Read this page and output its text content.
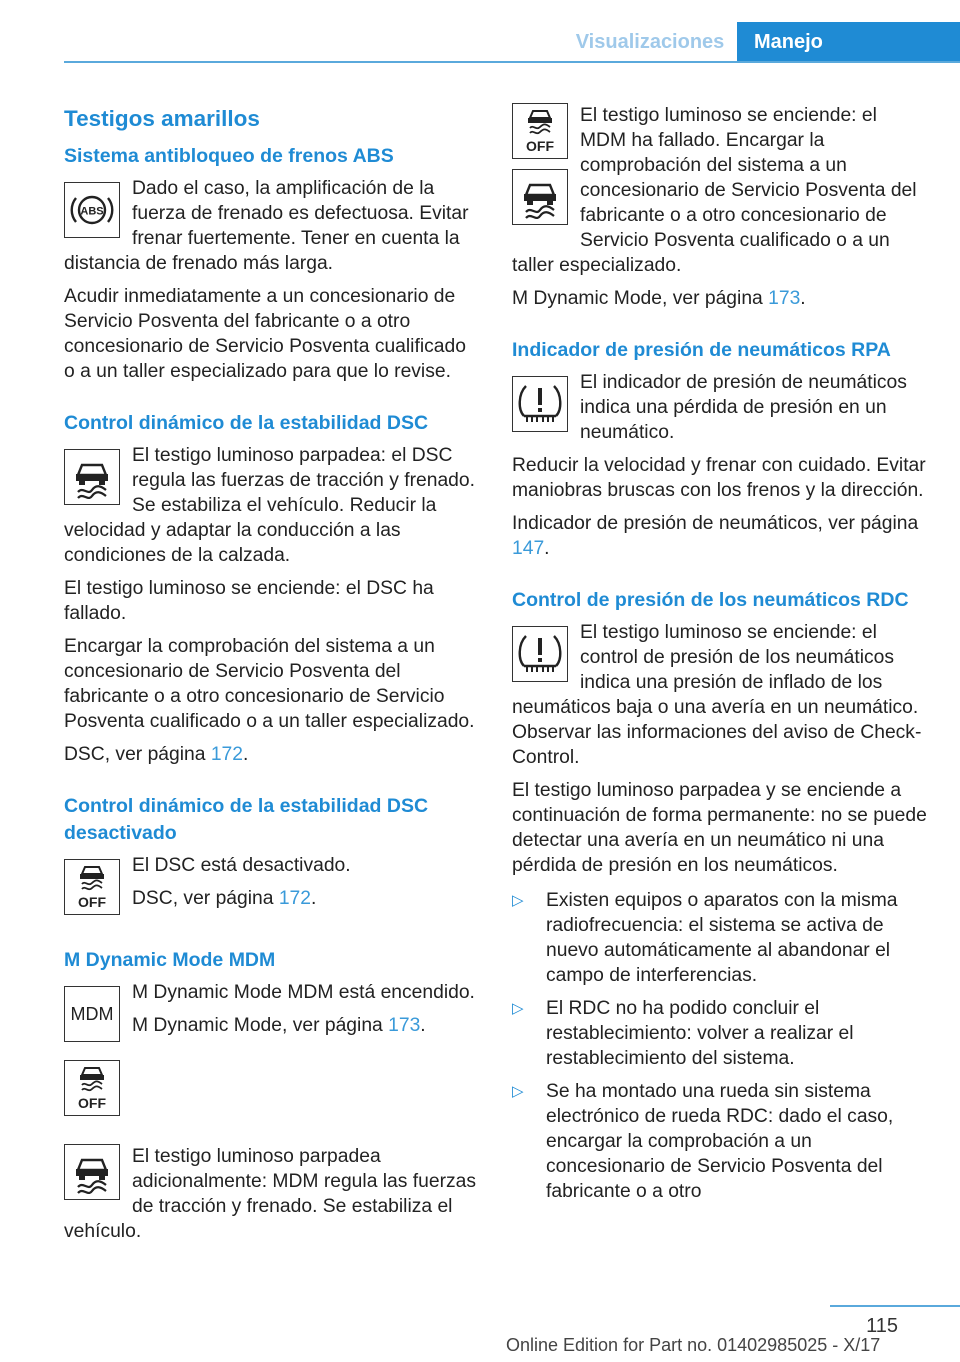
Visualizaciones	Manejo
Testigos amarillos
Sistema antibloqueo de frenos ABS
ABS

Dado el caso, la amplificación de la fuerza de frenado es defectuosa. Evitar frenar fuertemente. Tener en cuenta la distancia de frenado más larga.

Acudir inmediatamente a un concesionario de Servicio Posventa del fabricante o a otro concesionario de Servicio Posventa cualificado o a un taller especializado para que lo revise.

Control dinámico de la estabilidad DSC

El testigo luminoso parpadea: el DSC regula las fuerzas de tracción y frenado. Se estabiliza el vehículo. Reducir la velocidad y adaptar la conducción a las condiciones de la calzada.

El testigo luminoso se enciende: el DSC ha fallado.

Encargar la comprobación del sistema a un concesionario de Servicio Posventa del fabricante o a otro concesionario de Servicio Posventa cualificado o a un taller especializado.

DSC, ver página 172.

Control dinámico de la estabilidad DSC desactivado
OFF

El DSC está desactivado.

DSC, ver página 172.

M Dynamic Mode MDM
MDM

M Dynamic Mode MDM está encendido.

OFF

M Dynamic Mode, ver página 173.

El testigo luminoso parpadea adicionalmente: MDM regula las fuerzas de tracción y frenado. Se estabiliza el vehículo.

OFF

El testigo luminoso se enciende: el MDM ha fallado. Encargar la comprobación del sistema a un concesionario de Servicio Posventa del fabricante o a otro concesionario de Servicio Posventa cualificado o a un taller especializado.

M Dynamic Mode, ver página 173.

Indicador de presión de neumáticos RPA

El indicador de presión de neumáticos indica una pérdida de presión en un neumático.

Reducir la velocidad y frenar con cuidado. Evitar maniobras bruscas con los frenos y la dirección.

Indicador de presión de neumáticos, ver página 147.

Control de presión de los neumáticos RDC

El testigo luminoso se enciende: el control de presión de los neumáticos indica una presión de inflado de los neumáticos baja o una avería en un neumático. Observar las informaciones del aviso de Check-Control.

El testigo luminoso parpadea y se enciende a continuación de forma permanente: no se puede detectar una avería en un neumático ni una pérdida de presión en los neumáticos.

▷ Existen equipos o aparatos con la misma radiofrecuencia: el sistema se activa de nuevo automáticamente al abandonar el campo de interferencias.
▷ El RDC no ha podido concluir el restablecimiento: volver a realizar el restablecimiento del sistema.
▷ Se ha montado una rueda sin sistema electrónico de rueda RDC: dado el caso, encargar la comprobación a un concesionario de Servicio Posventa del fabricante o a otro
115
Online Edition for Part no. 01402985025 - X/17
